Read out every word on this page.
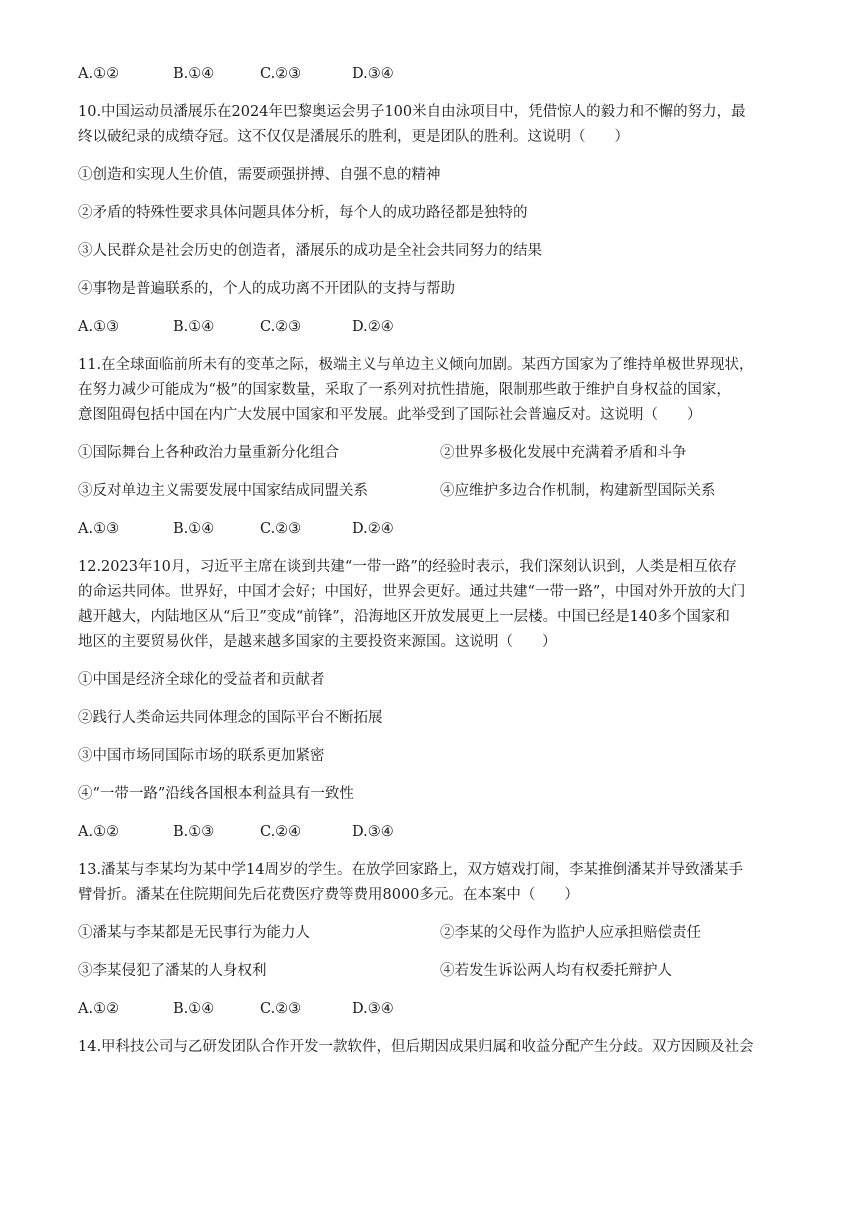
A.①②	B.①④	C.②③	D.③④
10.中国运动员潘展乐在2024年巴黎奥运会男子100米自由泳项目中，凭借惊人的毅力和不懈的努力，最
终以破纪录的成绩夺冠。这不仅仅是潘展乐的胜利，更是团队的胜利。这说明（　　）
①创造和实现人生价值，需要顽强拼搏、自强不息的精神
②矛盾的特殊性要求具体问题具体分析，每个人的成功路径都是独特的
③人民群众是社会历史的创造者，潘展乐的成功是全社会共同努力的结果
④事物是普遍联系的，个人的成功离不开团队的支持与帮助
A.①③	B.①④	C.②③	D.②④
11.在全球面临前所未有的变革之际，极端主义与单边主义倾向加剧。某西方国家为了维持单极世界现状，
在努力减少可能成为“极”的国家数量，采取了一系列对抗性措施，限制那些敢于维护自身权益的国家，
意图阻碍包括中国在内广大发展中国家和平发展。此举受到了国际社会普遍反对。这说明（　　）
①国际舞台上各种政治力量重新分化组合	②世界多极化发展中充满着矛盾和斗争
③反对单边主义需要发展中国家结成同盟关系	④应维护多边合作机制，构建新型国际关系
A.①③	B.①④	C.②③	D.②④
12.2023年10月，习近平主席在谈到共建“一带一路”的经验时表示，我们深刻认识到，人类是相互依存
的命运共同体。世界好，中国才会好；中国好，世界会更好。通过共建“一带一路”，中国对外开放的大门
越开越大，内陆地区从“后卫”变成“前锋”，沿海地区开放发展更上一层楼。中国已经是140多个国家和
地区的主要贸易伙伴，是越来越多国家的主要投资来源国。这说明（　　）
①中国是经济全球化的受益者和贡献者
②践行人类命运共同体理念的国际平台不断拓展
③中国市场同国际市场的联系更加紧密
④“一带一路”沿线各国根本利益具有一致性
A.①②	B.①③	C.②④	D.③④
13.潘某与李某均为某中学14周岁的学生。在放学回家路上，双方嬉戏打闹，李某推倒潘某并导致潘某手
臂骨折。潘某在住院期间先后花费医疗费等费用8000多元。在本案中（　　）
①潘某与李某都是无民事行为能力人	②李某的父母作为监护人应承担赔偿责任
③李某侵犯了潘某的人身权利	④若发生诉讼两人均有权委托辩护人
A.①②	B.①④	C.②③	D.③④
14.甲科技公司与乙研发团队合作开发一款软件，但后期因成果归属和收益分配产生分歧。双方因顾及社会
